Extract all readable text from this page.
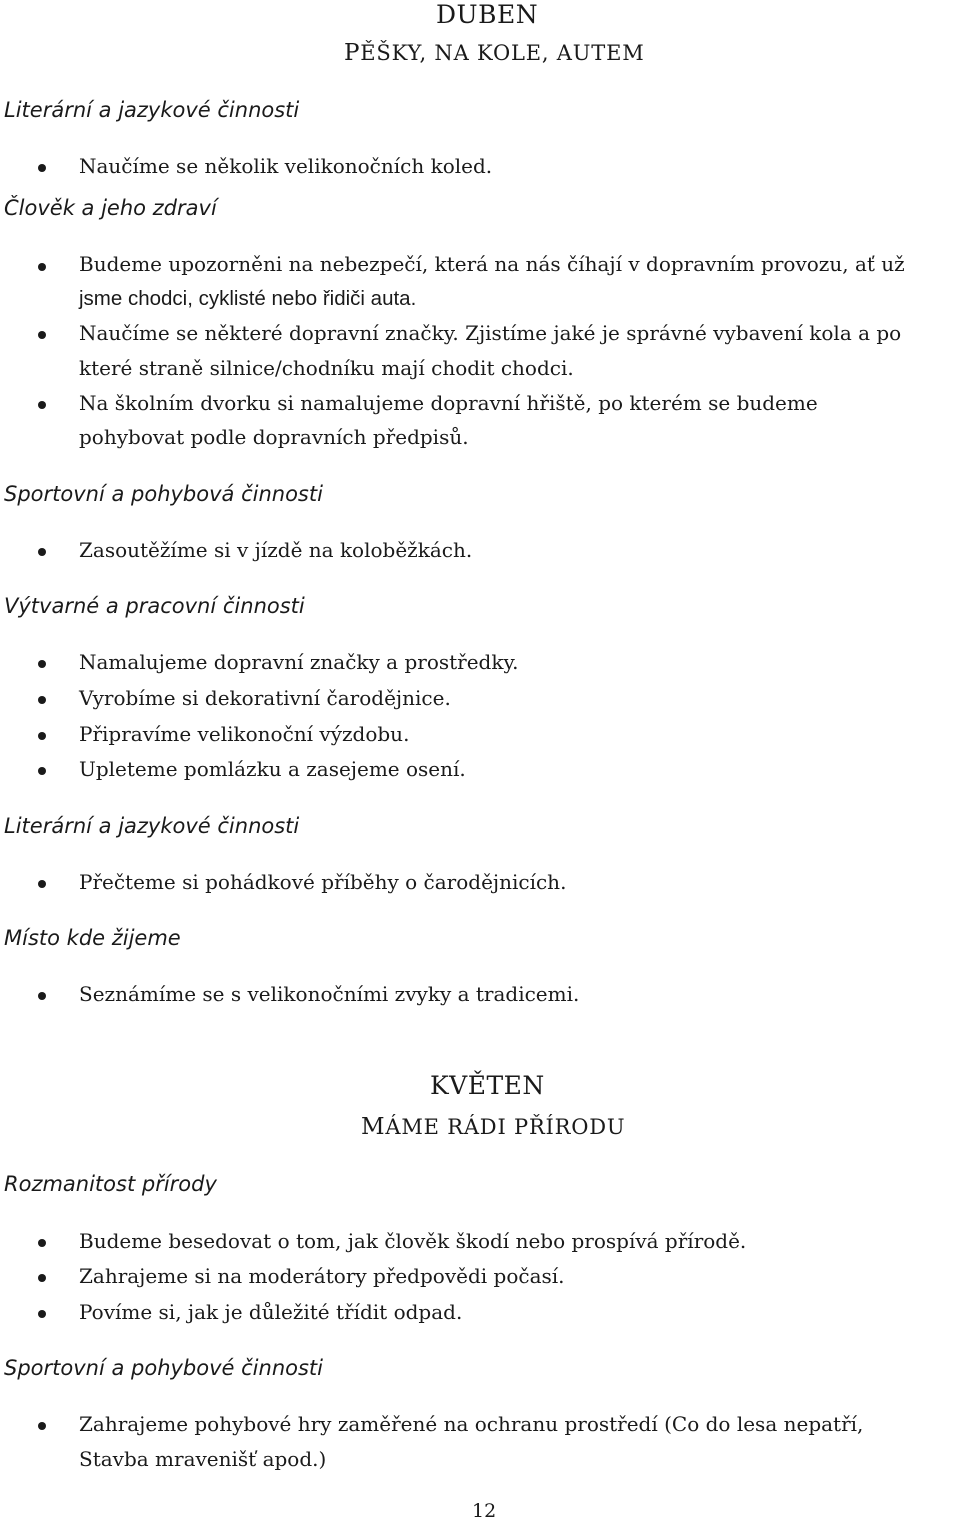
DUBEN
PĚŠKY, NA KOLE, AUTEM
Literární a jazykové činnosti
Naučíme se několik velikonočních koled.
Člověk a jeho zdraví
Budeme upozorněni na nebezpečí, která na nás číhají v dopravním provozu, ať už
jsme chodci, cyklisté nebo řidiči auta.
Naučíme se některé dopravní značky. Zjistíme jaké je správné vybavení kola a po
které straně silnice/chodníku mají chodit chodci.
Na školním dvorku si namalujeme dopravní hřiště, po kterém se budeme
pohybovat podle dopravních předpisů.
Sportovní a pohybová činnosti
Zasoutěžíme si v jízdě na koloběžkách.
Výtvarné a pracovní činnosti
Namalujeme dopravní značky a prostředky.
Vyrobíme si dekorativní čarodějnice.
Připravíme velikonoční výzdobu.
Upleteme pomlázku a zasejeme osení.
Literární a jazykové činnosti
Přečteme si pohádkové příběhy o čarodějnicích.
Místo kde žijeme
Seznámíme se s velikonočními zvyky a tradicemi.
KVĚTEN
MÁME RÁDI PŘÍRODU
Rozmanitost přírody
Budeme besedovat o tom, jak člověk škodí nebo prospívá přírodě.
Zahrajeme si na moderátory předpovědi počasí.
Povíme si, jak je důležité třídit odpad.
Sportovní a pohybové činnosti
Zahrajeme pohybové hry zaměřené na ochranu prostředí (Co do lesa nepatří,
Stavba mraveništ̕ apod.)
12
